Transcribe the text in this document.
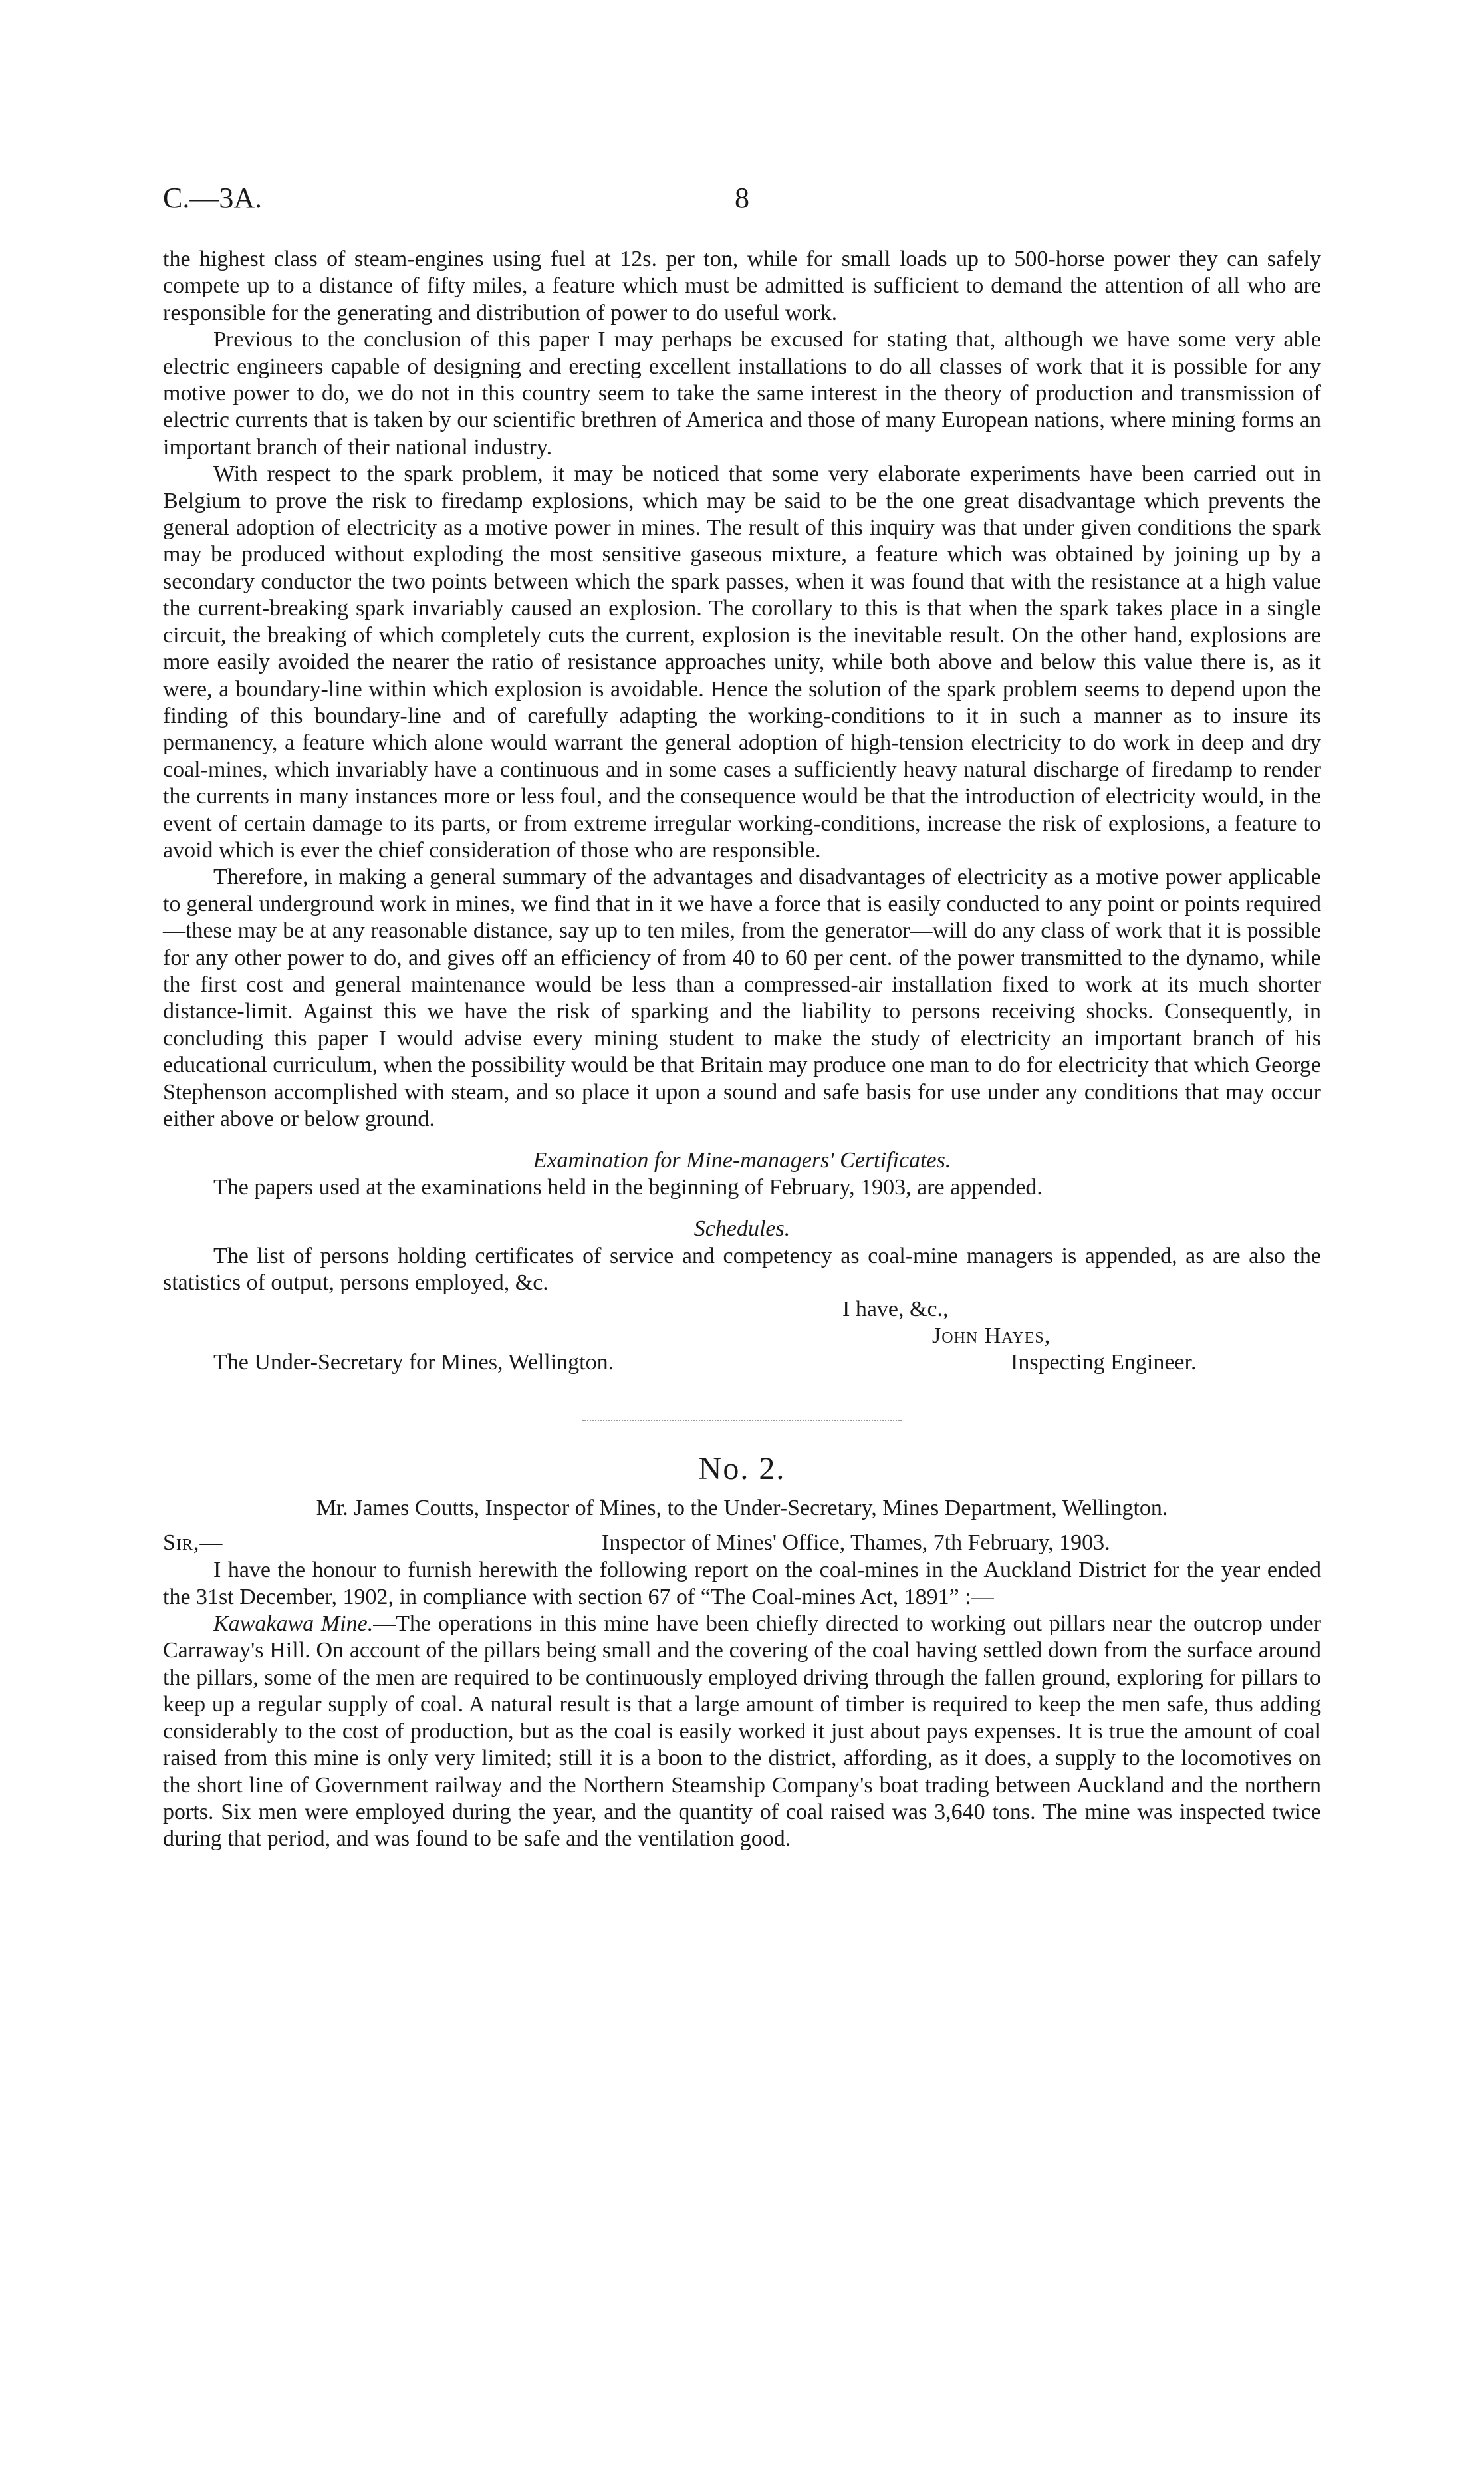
C.—3A.	8

the highest class of steam-engines using fuel at 12s. per ton, while for small loads up to 500-horse power they can safely compete up to a distance of fifty miles, a feature which must be admitted is sufficient to demand the attention of all who are responsible for the generating and distribution of power to do useful work.

Previous to the conclusion of this paper I may perhaps be excused for stating that, although we have some very able electric engineers capable of designing and erecting excellent installations to do all classes of work that it is possible for any motive power to do, we do not in this country seem to take the same interest in the theory of production and transmission of electric currents that is taken by our scientific brethren of America and those of many European nations, where mining forms an important branch of their national industry.

With respect to the spark problem, it may be noticed that some very elaborate experiments have been carried out in Belgium to prove the risk to firedamp explosions, which may be said to be the one great disadvantage which prevents the general adoption of electricity as a motive power in mines. The result of this inquiry was that under given conditions the spark may be produced without exploding the most sensitive gaseous mixture, a feature which was obtained by joining up by a secondary conductor the two points between which the spark passes, when it was found that with the resistance at a high value the current-breaking spark invariably caused an explosion. The corollary to this is that when the spark takes place in a single circuit, the breaking of which completely cuts the current, explosion is the inevitable result. On the other hand, explosions are more easily avoided the nearer the ratio of resistance approaches unity, while both above and below this value there is, as it were, a boundary-line within which explosion is avoidable. Hence the solution of the spark problem seems to depend upon the finding of this boundary-line and of carefully adapting the working-conditions to it in such a manner as to insure its permanency, a feature which alone would warrant the general adoption of high-tension electricity to do work in deep and dry coal-mines, which invariably have a continuous and in some cases a sufficiently heavy natural discharge of firedamp to render the currents in many instances more or less foul, and the consequence would be that the introduction of electricity would, in the event of certain damage to its parts, or from extreme irregular working-conditions, increase the risk of explosions, a feature to avoid which is ever the chief consideration of those who are responsible.

Therefore, in making a general summary of the advantages and disadvantages of electricity as a motive power applicable to general underground work in mines, we find that in it we have a force that is easily conducted to any point or points required—these may be at any reasonable distance, say up to ten miles, from the generator—will do any class of work that it is possible for any other power to do, and gives off an efficiency of from 40 to 60 per cent. of the power transmitted to the dynamo, while the first cost and general maintenance would be less than a compressed-air installation fixed to work at its much shorter distance-limit. Against this we have the risk of sparking and the liability to persons receiving shocks. Consequently, in concluding this paper I would advise every mining student to make the study of electricity an important branch of his educational curriculum, when the possibility would be that Britain may produce one man to do for electricity that which George Stephenson accomplished with steam, and so place it upon a sound and safe basis for use under any conditions that may occur either above or below ground.

Examination for Mine-managers' Certificates.

The papers used at the examinations held in the beginning of February, 1903, are appended.

Schedules.

The list of persons holding certificates of service and competency as coal-mine managers is appended, as are also the statistics of output, persons employed, &c.

I have, &c.,
John Hayes,
The Under-Secretary for Mines, Wellington.	Inspecting Engineer.
No. 2.

Mr. James Coutts, Inspector of Mines, to the Under-Secretary, Mines Department, Wellington.

Sir,—	Inspector of Mines' Office, Thames, 7th February, 1903.

I have the honour to furnish herewith the following report on the coal-mines in the Auckland District for the year ended the 31st December, 1902, in compliance with section 67 of “The Coal-mines Act, 1891” :—

Kawakawa Mine.—The operations in this mine have been chiefly directed to working out pillars near the outcrop under Carraway's Hill. On account of the pillars being small and the covering of the coal having settled down from the surface around the pillars, some of the men are required to be continuously employed driving through the fallen ground, exploring for pillars to keep up a regular supply of coal. A natural result is that a large amount of timber is required to keep the men safe, thus adding considerably to the cost of production, but as the coal is easily worked it just about pays expenses. It is true the amount of coal raised from this mine is only very limited; still it is a boon to the district, affording, as it does, a supply to the locomotives on the short line of Government railway and the Northern Steamship Company's boat trading between Auckland and the northern ports. Six men were employed during the year, and the quantity of coal raised was 3,640 tons. The mine was inspected twice during that period, and was found to be safe and the ventilation good.
